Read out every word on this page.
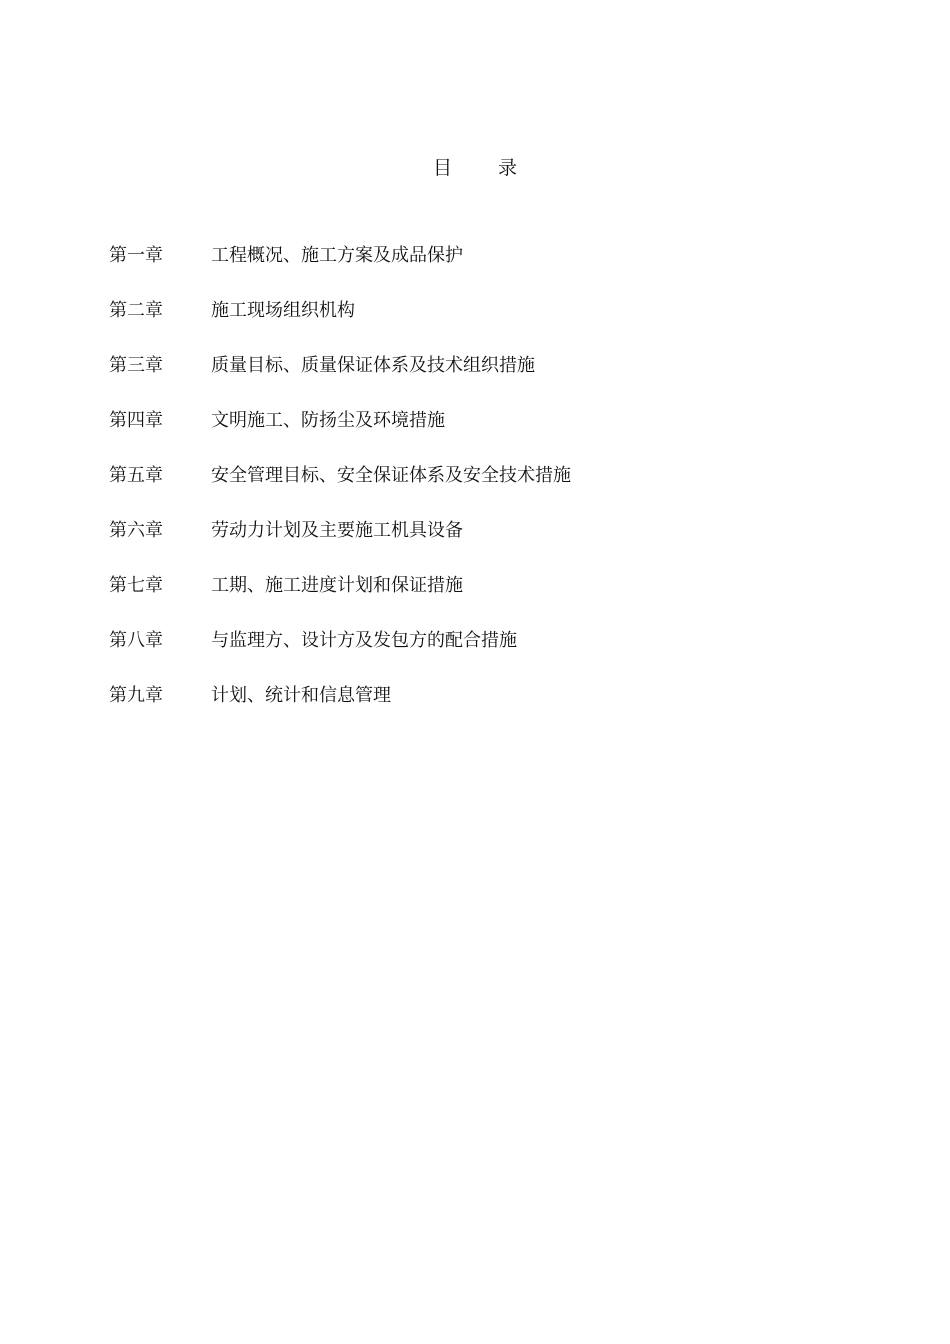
目 录
第一章	工程概况、施工方案及成品保护
第二章	施工现场组织机构
第三章	质量目标、质量保证体系及技术组织措施
第四章	文明施工、防扬尘及环境措施
第五章	安全管理目标、安全保证体系及安全技术措施
第六章	劳动力计划及主要施工机具设备
第七章	工期、施工进度计划和保证措施
第八章	与监理方、设计方及发包方的配合措施
第九章	计划、统计和信息管理
